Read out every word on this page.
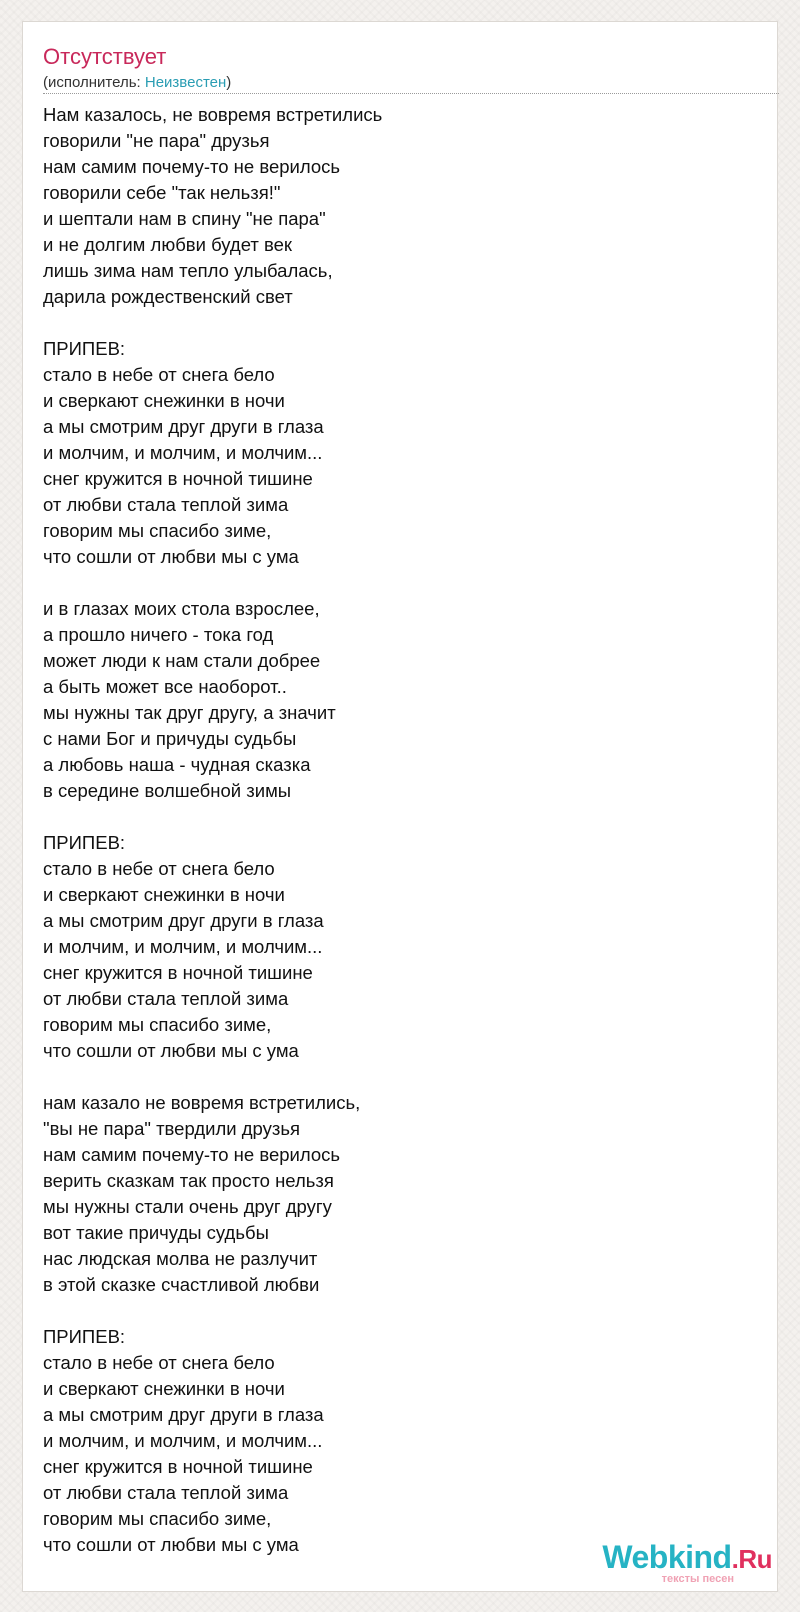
Отсутствует
(исполнитель: Неизвестен)
Нам казалось, не вовремя встретились
говорили "не пара" друзья
нам самим почему-то не верилось
говорили себе "так нельзя!"
и шептали нам в спину "не пара"
и не долгим любви будет век
лишь зима нам тепло улыбалась,
дарила рождественский свет
ПРИПЕВ:
стало в небе от снега бело
и сверкают снежинки в ночи
а мы смотрим друг други в глаза
и молчим, и молчим, и молчим...
снег кружится в ночной тишине
от любви стала теплой зима
говорим мы спасибо зиме,
что сошли от любви мы с ума
и в глазах моих стола взрослее,
а прошло ничего - тока год
может люди к нам стали добрее
а быть может все наоборот..
мы нужны так друг другу, а значит
с нами Бог и причуды судьбы
а любовь наша - чудная сказка
в середине волшебной зимы
ПРИПЕВ:
стало в небе от снега бело
и сверкают снежинки в ночи
а мы смотрим друг други в глаза
и молчим, и молчим, и молчим...
снег кружится в ночной тишине
от любви стала теплой зима
говорим мы спасибо зиме,
что сошли от любви мы с ума
нам казало не вовремя встретились,
"вы не пара" твердили друзья
нам самим почему-то не верилось
верить сказкам так просто нельзя
мы нужны стали очень друг другу
вот такие причуды судьбы
нас людская молва не разлучит
в этой сказке счастливой любви
ПРИПЕВ:
стало в небе от снега бело
и сверкают снежинки в ночи
а мы смотрим друг други в глаза
и молчим, и молчим, и молчим...
снег кружится в ночной тишине
от любви стала теплой зима
говорим мы спасибо зиме,
что сошли от любви мы с ума	Webkind.Ru
тексты песен
